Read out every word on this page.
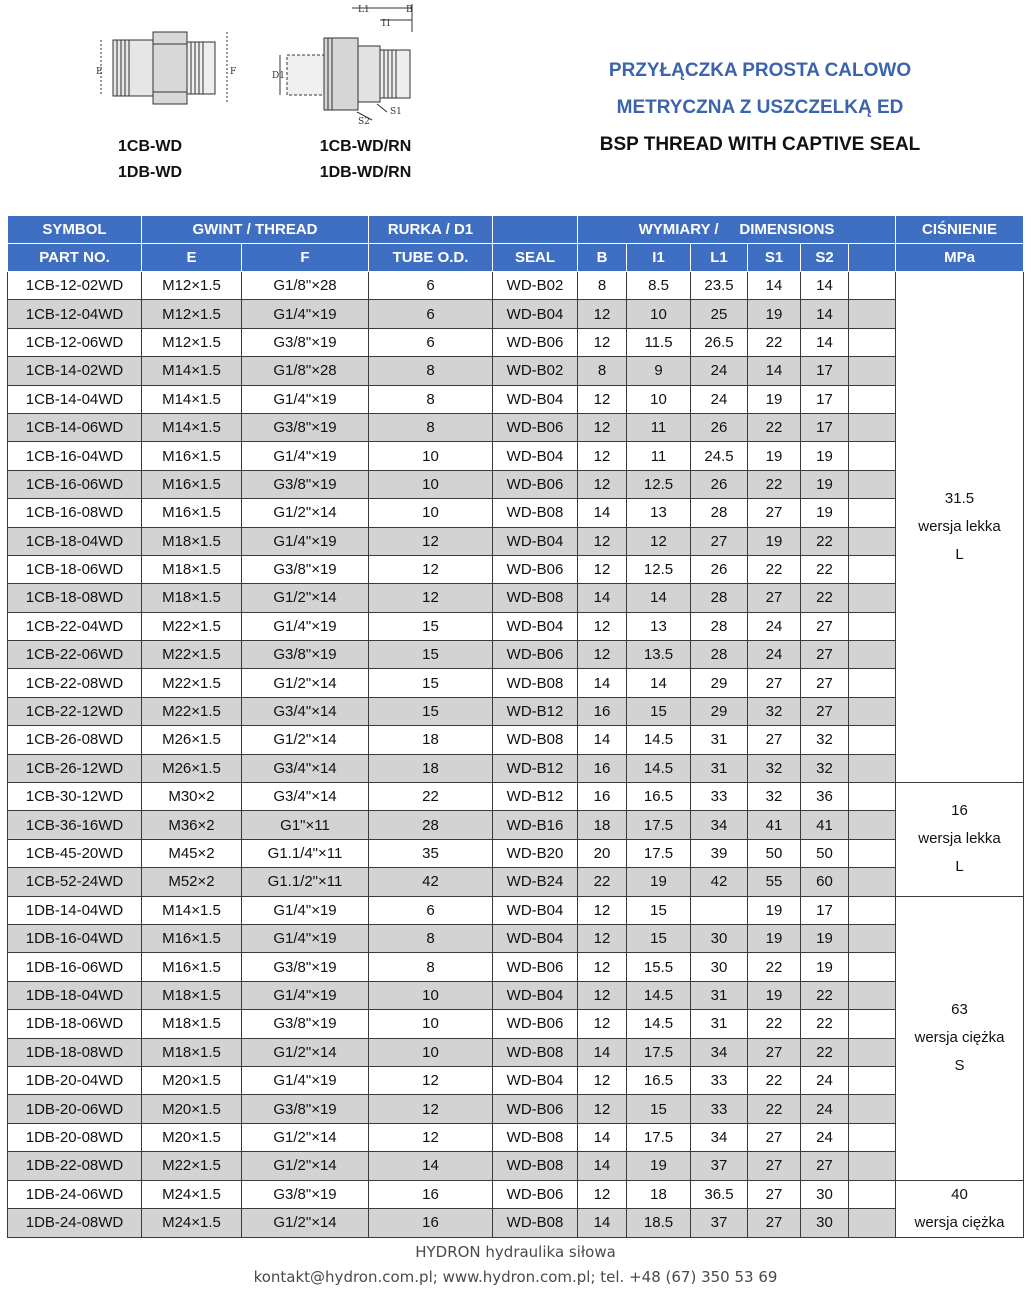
E	F
L1
I1
B
D1
S1
S2
1CB-WD
1DB-WD
1CB-WD/RN
1DB-WD/RN
PRZYŁĄCZKA PROSTA CALOWO
METRYCZNA Z USZCZELKĄ ED
BSP THREAD WITH CAPTIVE SEAL
SYMBOL	GWINT / THREAD		RURKA / D1		WYMIARY / DIMENSIONS						CIŚNIENIE
PART NO.	E	F	TUBE O.D.	SEAL	B	I1	L1	S1	S2		MPa
1CB-12-02WD	M12×1.5	G1/8"×28	6	WD-B02	8	8.5	23.5	14	14		31.5
wersja lekka
L

1CB-12-04WD	M12×1.5	G1/4"×19	6	WD-B04	12	10	25	19	14		
1CB-12-06WD	M12×1.5	G3/8"×19	6	WD-B06	12	11.5	26.5	22	14		
1CB-14-02WD	M14×1.5	G1/8"×28	8	WD-B02	8	9	24	14	17		
1CB-14-04WD	M14×1.5	G1/4"×19	8	WD-B04	12	10	24	19	17		
1CB-14-06WD	M14×1.5	G3/8"×19	8	WD-B06	12	11	26	22	17		
1CB-16-04WD	M16×1.5	G1/4"×19	10	WD-B04	12	11	24.5	19	19		
1CB-16-06WD	M16×1.5	G3/8"×19	10	WD-B06	12	12.5	26	22	19		
1CB-16-08WD	M16×1.5	G1/2"×14	10	WD-B08	14	13	28	27	19		
1CB-18-04WD	M18×1.5	G1/4"×19	12	WD-B04	12	12	27	19	22		
1CB-18-06WD	M18×1.5	G3/8"×19	12	WD-B06	12	12.5	26	22	22		
1CB-18-08WD	M18×1.5	G1/2"×14	12	WD-B08	14	14	28	27	22		
1CB-22-04WD	M22×1.5	G1/4"×19	15	WD-B04	12	13	28	24	27		
1CB-22-06WD	M22×1.5	G3/8"×19	15	WD-B06	12	13.5	28	24	27		
1CB-22-08WD	M22×1.5	G1/2"×14	15	WD-B08	14	14	29	27	27		
1CB-22-12WD	M22×1.5	G3/4"×14	15	WD-B12	16	15	29	32	27		
1CB-26-08WD	M26×1.5	G1/2"×14	18	WD-B08	14	14.5	31	27	32		
1CB-26-12WD	M26×1.5	G3/4"×14	18	WD-B12	16	14.5	31	32	32		
1CB-30-12WD	M30×2	G3/4"×14	22	WD-B12	16	16.5	33	32	36		16
wersja lekka
L

1CB-36-16WD	M36×2	G1"×11	28	WD-B16	18	17.5	34	41	41		
1CB-45-20WD	M45×2	G1.1/4"×11	35	WD-B20	20	17.5	39	50	50		
1CB-52-24WD	M52×2	G1.1/2"×11	42	WD-B24	22	19	42	55	60		
1DB-14-04WD	M14×1.5	G1/4"×19	6	WD-B04	12	15		19	17		63
wersja ciężka
S

1DB-16-04WD	M16×1.5	G1/4"×19	8	WD-B04	12	15	30	19	19		
1DB-16-06WD	M16×1.5	G3/8"×19	8	WD-B06	12	15.5	30	22	19		
1DB-18-04WD	M18×1.5	G1/4"×19	10	WD-B04	12	14.5	31	19	22		
1DB-18-06WD	M18×1.5	G3/8"×19	10	WD-B06	12	14.5	31	22	22		
1DB-18-08WD	M18×1.5	G1/2"×14	10	WD-B08	14	17.5	34	27	22		
1DB-20-04WD	M20×1.5	G1/4"×19	12	WD-B04	12	16.5	33	22	24		
1DB-20-06WD	M20×1.5	G3/8"×19	12	WD-B06	12	15	33	22	24		
1DB-20-08WD	M20×1.5	G1/2"×14	12	WD-B08	14	17.5	34	27	24		
1DB-22-08WD	M22×1.5	G1/2"×14	14	WD-B08	14	19	37	27	27		
1DB-24-06WD	M24×1.5	G3/8"×19	16	WD-B06	12	18	36.5	27	30		40
wersja ciężka

1DB-24-08WD	M24×1.5	G1/2"×14	16	WD-B08	14	18.5	37	27	30		
HYDRON hydraulika siłowa
kontakt@hydron.com.pl; www.hydron.com.pl; tel. +48 (67) 350 53 69
